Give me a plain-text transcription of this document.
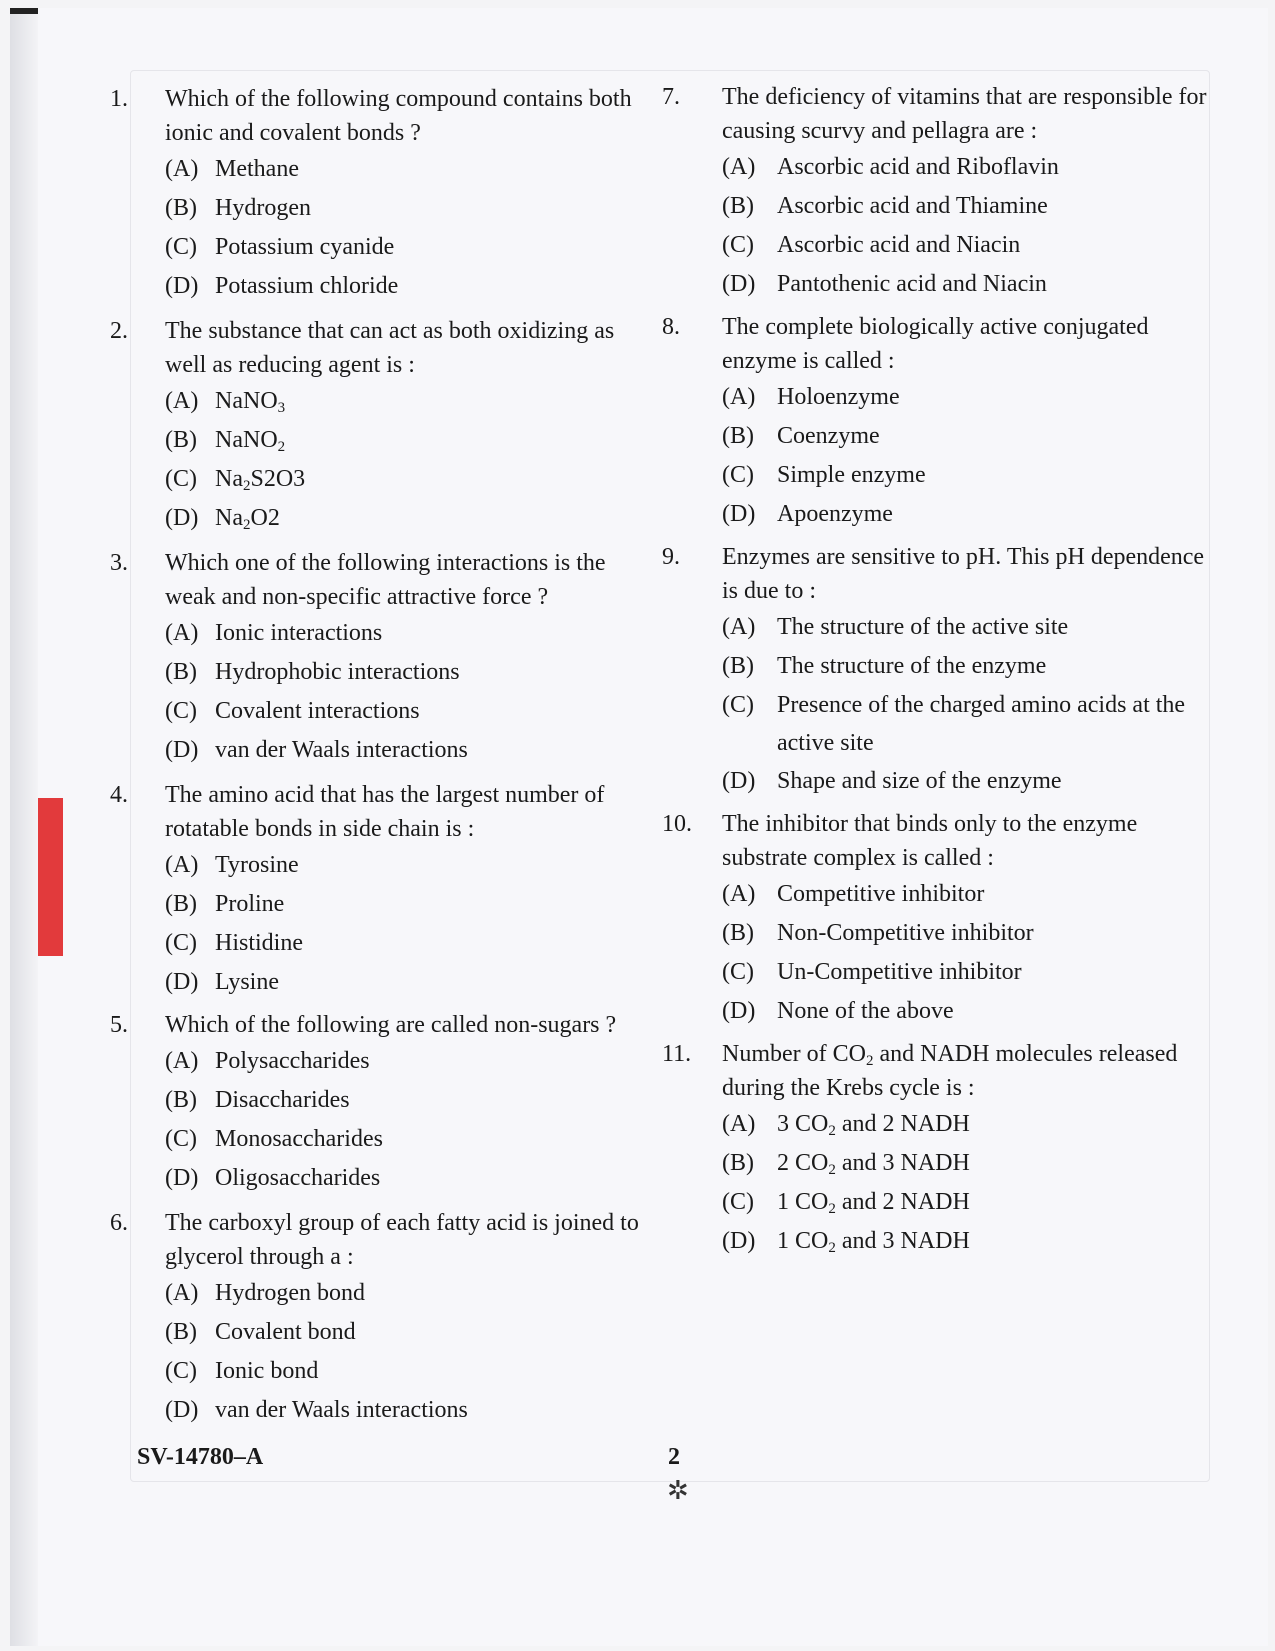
1.	Which of the following compound contains both ionic and covalent bonds ?
(A) Methane
(B) Hydrogen
(C) Potassium cyanide
(D) Potassium chloride
2.	The substance that can act as both oxidizing as well as reducing agent is :
(A) NaNO$_3$
(B) NaNO$_2$
(C) $Na_2S2O3$
(D) $Na_2O2$
3.	Which one of the following interactions is the weak and non-specific attractive force ?
(A) Ionic interactions
(B) Hydrophobic interactions
(C) Covalent interactions
(D) van der Waals interactions
4.	The amino acid that has the largest number of rotatable bonds in side chain is :
(A) Tyrosine
(B) Proline
(C) Histidine
(D) Lysine
5.	Which of the following are called non-sugars ?
(A) Polysaccharides
(B) Disaccharides
(C) Monosaccharides
(D) Oligosaccharides
6.	The carboxyl group of each fatty acid is joined to glycerol through a :
(A) Hydrogen bond
(B) Covalent bond
(C) Ionic bond
(D) van der Waals interactions
7.	The deficiency of vitamins that are responsible for causing scurvy and pellagra are :
(A) Ascorbic acid and Riboflavin
(B) Ascorbic acid and Thiamine
(C) Ascorbic acid and Niacin
(D) Pantothenic acid and Niacin
8.	The complete biologically active conjugated enzyme is called :
(A) Holoenzyme
(B) Coenzyme
(C) Simple enzyme
(D) Apoenzyme
9.	Enzymes are sensitive to pH. This pH dependence is due to :
(A) The structure of the active site
(B) The structure of the enzyme
(C) Presence of the charged amino acids at the active site
(D) Shape and size of the enzyme
10.	The inhibitor that binds only to the enzyme substrate complex is called :
(A) Competitive inhibitor
(B) Non-Competitive inhibitor
(C) Un-Competitive inhibitor
(D) None of the above
11.	Number of $CO_2$ and NADH molecules released during the Krebs cycle is :
(A) 3 $CO_2$ and 2 NADH
(B) 2 $CO_2$ and 3 NADH
(C) 1 $CO_2$ and 2 NADH
(D) 1 $CO_2$ and 3 NADH
SV-14780–A	2
✲
